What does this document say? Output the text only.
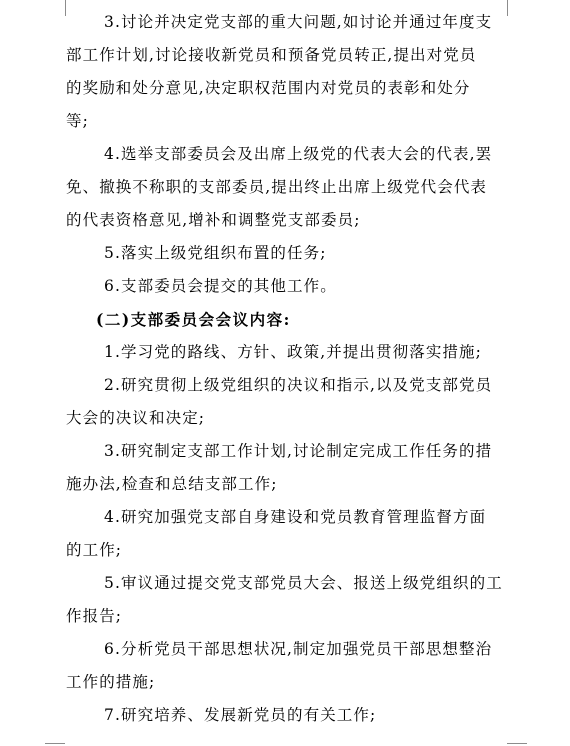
3.讨论并决定党支部的重大问题,如讨论并通过年度支
部工作计划,讨论接收新党员和预备党员转正,提出对党员
的奖励和处分意见,决定职权范围内对党员的表彰和处分
等;
4.选举支部委员会及出席上级党的代表大会的代表,罢
免、撤换不称职的支部委员,提出终止出席上级党代会代表
的代表资格意见,增补和调整党支部委员;
5.落实上级党组织布置的任务;
6.支部委员会提交的其他工作。
(二)支部委员会会议内容:
1.学习党的路线、方针、政策,并提出贯彻落实措施;
2.研究贯彻上级党组织的决议和指示,以及党支部党员
大会的决议和决定;
3.研究制定支部工作计划,讨论制定完成工作任务的措
施办法,检查和总结支部工作;
4.研究加强党支部自身建设和党员教育管理监督方面
的工作;
5.审议通过提交党支部党员大会、报送上级党组织的工
作报告;
6.分析党员干部思想状况,制定加强党员干部思想整治
工作的措施;
7.研究培养、发展新党员的有关工作;
